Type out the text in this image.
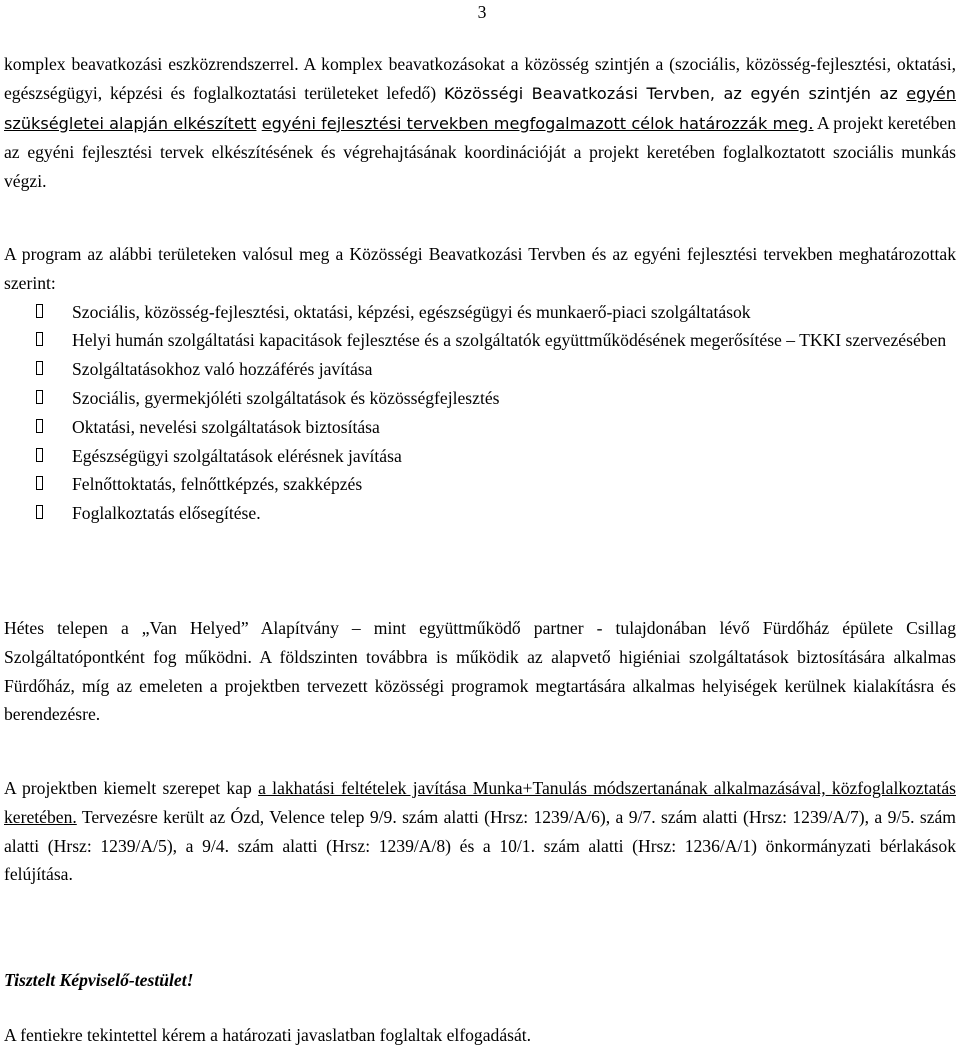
3

komplex beavatkozási eszközrendszerrel. A komplex beavatkozásokat a közösség szintjén a (szociális, közösség-fejlesztési, oktatási, egészségügyi, képzési és foglalkoztatási területeket lefedő) Közösségi Beavatkozási Tervben, az egyén szintjén az egyén szükségletei alapján elkészített egyéni fejlesztési tervekben megfogalmazott célok határozzák meg. A projekt keretében az egyéni fejlesztési tervek elkészítésének és végrehajtásának koordinációját a projekt keretében foglalkoztatott szociális munkás végzi.

A program az alábbi területeken valósul meg a Közösségi Beavatkozási Tervben és az egyéni fejlesztési tervekben meghatározottak szerint:

Szociális, közösség-fejlesztési, oktatási, képzési, egészségügyi és munkaerő-piaci szolgáltatások
Helyi humán szolgáltatási kapacitások fejlesztése és a szolgáltatók együttműködésének megerősítése – TKKI szervezésében
Szolgáltatásokhoz való hozzáférés javítása
Szociális, gyermekjóléti szolgáltatások és közösségfejlesztés
Oktatási, nevelési szolgáltatások biztosítása
Egészségügyi szolgáltatások elérésnek javítása
Felnőttoktatás, felnőttképzés, szakképzés
Foglalkoztatás elősegítése.

Hétes telepen a „Van Helyed” Alapítvány – mint együttműködő partner - tulajdonában lévő Fürdőház épülete Csillag Szolgáltatópontként fog működni. A földszinten továbbra is működik az alapvető higiéniai szolgáltatások biztosítására alkalmas Fürdőház, míg az emeleten a projektben tervezett közösségi programok megtartására alkalmas helyiségek kerülnek kialakításra és berendezésre.

A projektben kiemelt szerepet kap a lakhatási feltételek javítása Munka+Tanulás módszertanának alkalmazásával, közfoglalkoztatás keretében. Tervezésre került az Ózd, Velence telep 9/9. szám alatti (Hrsz: 1239/A/6), a 9/7. szám alatti (Hrsz: 1239/A/7), a 9/5. szám alatti (Hrsz: 1239/A/5), a 9/4. szám alatti (Hrsz: 1239/A/8) és a 10/1. szám alatti (Hrsz: 1236/A/1) önkormányzati bérlakások felújítása.

Tisztelt Képviselő-testület!
A fentiekre tekintettel kérem a határozati javaslatban foglaltak elfogadását.
